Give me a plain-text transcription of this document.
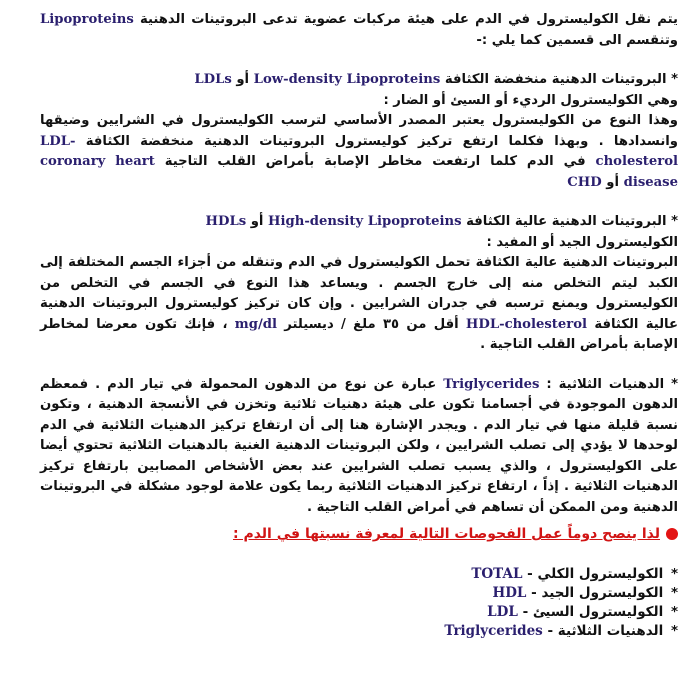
يتم نقل الكوليسترول في الدم على هيئة مركبات عضوية تدعى البروتينات الدهنية Lipoproteins وتنقسم الى قسمين كما يلي :-

* البروتينات الدهنية منخفضة الكثافة Low-density Lipoproteins أو LDLs

وهي الكوليسترول الرديء أو السيئ أو الضار :

وهذا النوع من الكوليسترول يعتبر المصدر الأساسي لترسب الكوليسترول في الشرايين وضيقها وانسدادها . وبهذا فكلما ارتفع تركيز كوليسترول البروتينات الدهنية منخفضة الكثافة LDL-cholesterol في الدم كلما ارتفعت مخاطر الإصابة بأمراض القلب التاجية coronary heart disease أو CHD

* البروتينات الدهنية عالية الكثافة High-density Lipoproteins أو HDLs

الكوليسترول الجيد أو المفيد :

البروتينات الدهنية عالية الكثافة تحمل الكوليسترول في الدم وتنقله من أجزاء الجسم المختلفة إلى الكبد ليتم التخلص منه إلى خارج الجسم . ويساعد هذا النوع في الجسم في التخلص من الكوليسترول ويمنع ترسبه في جدران الشرايين . وإن كان تركيز كوليسترول البروتينات الدهنية عالية الكثافة HDL-cholesterol أقل من ٣٥ ملغ / ديسيلتر mg/dl ، فإنك تكون معرضا لمخاطر الإصابة بأمراض القلب التاجية .

* الدهنيات الثلاثية : Triglycerides عبارة عن نوع من الدهون المحمولة في تيار الدم . فمعظم الدهون الموجودة في أجسامنا تكون على هيئة دهنيات ثلاثية وتخزن في الأنسجة الدهنية ، وتكون نسبة قليلة منها في تيار الدم . ويجدر الإشارة هنا إلى أن ارتفاع تركيز الدهنيات الثلاثية في الدم لوحدها لا يؤدي إلى تصلب الشرايين ، ولكن البروتينات الدهنية الغنية بالدهنيات الثلاثية تحتوي أيضا على الكوليسترول ، والذي يسبب تصلب الشرايين عند بعض الأشخاص المصابين بارتفاع تركيز الدهنيات الثلاثية . إذاً ، ارتفاع تركيز الدهنيات الثلاثية ربما يكون علامة لوجود مشكلة في البروتينات الدهنية ومن الممكن أن تساهم في أمراض القلب التاجية .

لذا ينصح دوماً عمل الفحوصات التالية لمعرفة نسبتها في الدم :

* الكوليسترول الكلي - TOTAL
* الكوليسترول الجيد - HDL
* الكوليسترول السيئ - LDL
* الدهنيات الثلاثية - Triglycerides
